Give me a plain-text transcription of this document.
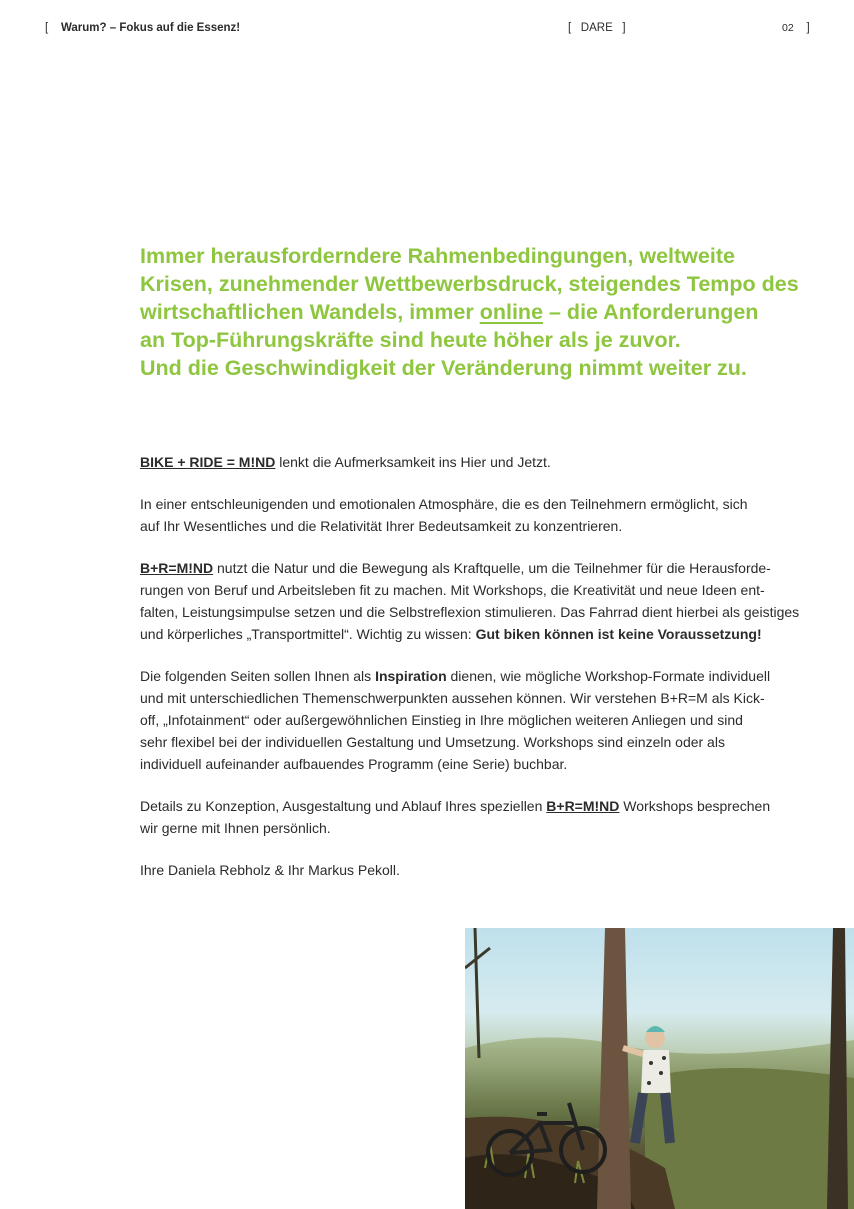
[ Warum? – Fokus auf die Essenz!	[ DARE ]	02 ]
Immer herausforderndere Rahmenbedingungen, weltweite
Krisen, zunehmender Wettbewerbsdruck, steigendes Tempo des
wirtschaftlichen Wandels, immer online – die Anforderungen
an Top-Führungskräfte sind heute höher als je zuvor.
Und die Geschwindigkeit der Veränderung nimmt weiter zu.

BIKE + RIDE = M!ND lenkt die Aufmerksamkeit ins Hier und Jetzt.

In einer entschleunigenden und emotionalen Atmosphäre, die es den Teilnehmern ermöglicht, sich
auf Ihr Wesentliches und die Relativität Ihrer Bedeutsamkeit zu konzentrieren.

B+R=M!ND nutzt die Natur und die Bewegung als Kraftquelle, um die Teilnehmer für die Herausforde-
rungen von Beruf und Arbeitsleben fit zu machen. Mit Workshops, die Kreativität und neue Ideen ent-
falten, Leistungsimpulse setzen und die Selbstreflexion stimulieren. Das Fahrrad dient hierbei als geistiges
und körperliches „Transportmittel“. Wichtig zu wissen: Gut biken können ist keine Voraussetzung!

Die folgenden Seiten sollen Ihnen als Inspiration dienen, wie mögliche Workshop-Formate individuell
und mit unterschiedlichen Themenschwerpunkten aussehen können. Wir verstehen B+R=M als Kick-
off, „Infotainment“ oder außergewöhnlichen Einstieg in Ihre möglichen weiteren Anliegen und sind
sehr flexibel bei der individuellen Gestaltung und Umsetzung. Workshops sind einzeln oder als
individuell aufeinander aufbauendes Programm (eine Serie) buchbar.

Details zu Konzeption, Ausgestaltung und Ablauf Ihres speziellen B+R=M!ND Workshops besprechen
wir gerne mit Ihnen persönlich.

Ihre Daniela Rebholz & Ihr Markus Pekoll.
